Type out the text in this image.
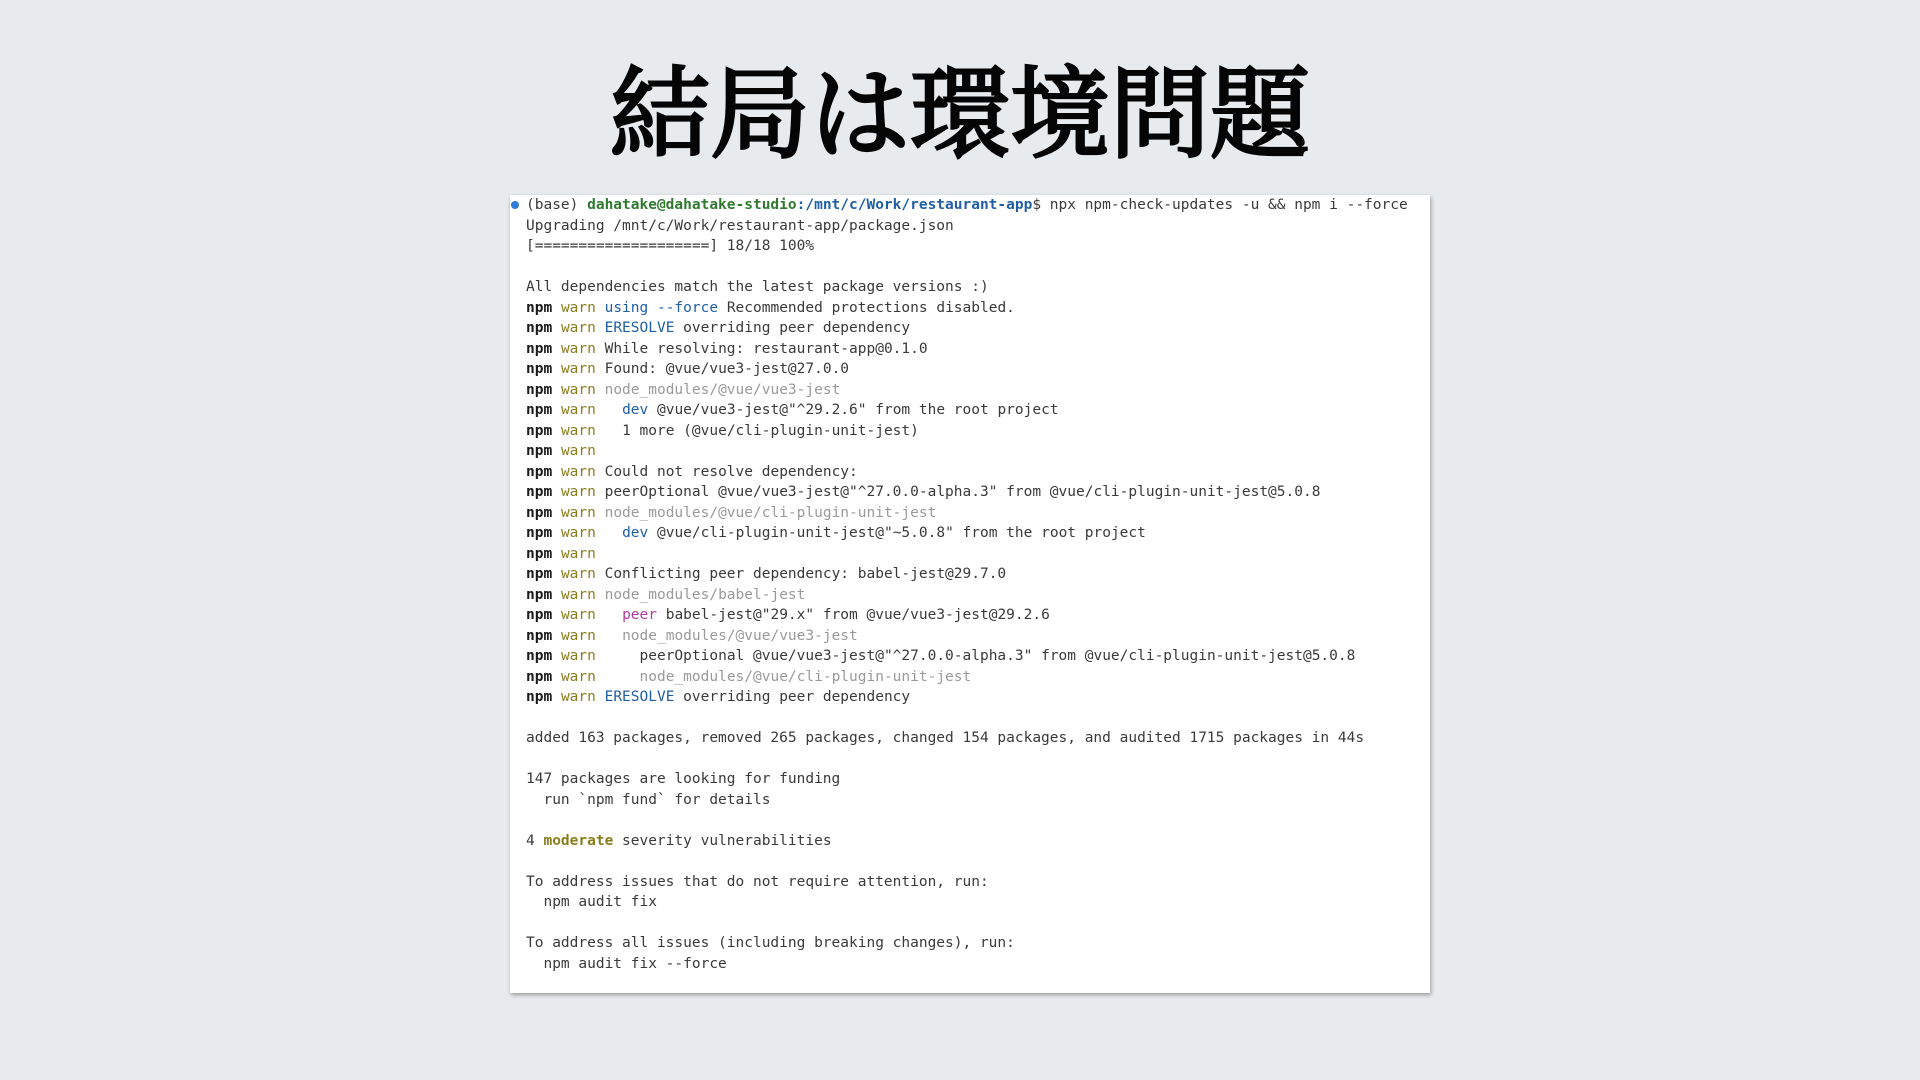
結局は環境問題
(base) dahatake@dahatake-studio:/mnt/c/Work/restaurant-app$ npx npm-check-updates -u && npm i --force
Upgrading /mnt/c/Work/restaurant-app/package.json
[====================] 18/18 100%
All dependencies match the latest package versions :)
npm warn using --force Recommended protections disabled.
npm warn ERESOLVE overriding peer dependency
npm warn While resolving: restaurant-app@0.1.0
npm warn Found: @vue/vue3-jest@27.0.0
npm warn node_modules/@vue/vue3-jest
npm warn dev @vue/vue3-jest@"^29.2.6" from the root project
npm warn 1 more (@vue/cli-plugin-unit-jest)
npm warn
npm warn Could not resolve dependency:
npm warn peerOptional @vue/vue3-jest@"^27.0.0-alpha.3" from @vue/cli-plugin-unit-jest@5.0.8
npm warn node_modules/@vue/cli-plugin-unit-jest
npm warn dev @vue/cli-plugin-unit-jest@"~5.0.8" from the root project
npm warn
npm warn Conflicting peer dependency: babel-jest@29.7.0
npm warn node_modules/babel-jest
npm warn peer babel-jest@"29.x" from @vue/vue3-jest@29.2.6
npm warn node_modules/@vue/vue3-jest
npm warn	peerOptional @vue/vue3-jest@"^27.0.0-alpha.3" from @vue/cli-plugin-unit-jest@5.0.8
npm warn	node_modules/@vue/cli-plugin-unit-jest
npm warn ERESOLVE overriding peer dependency
added 163 packages, removed 265 packages, changed 154 packages, and audited 1715 packages in 44s
147 packages are looking for funding
run `npm fund` for details
4 moderate severity vulnerabilities
To address issues that do not require attention, run:
npm audit fix
To address all issues (including breaking changes), run:
npm audit fix --force
